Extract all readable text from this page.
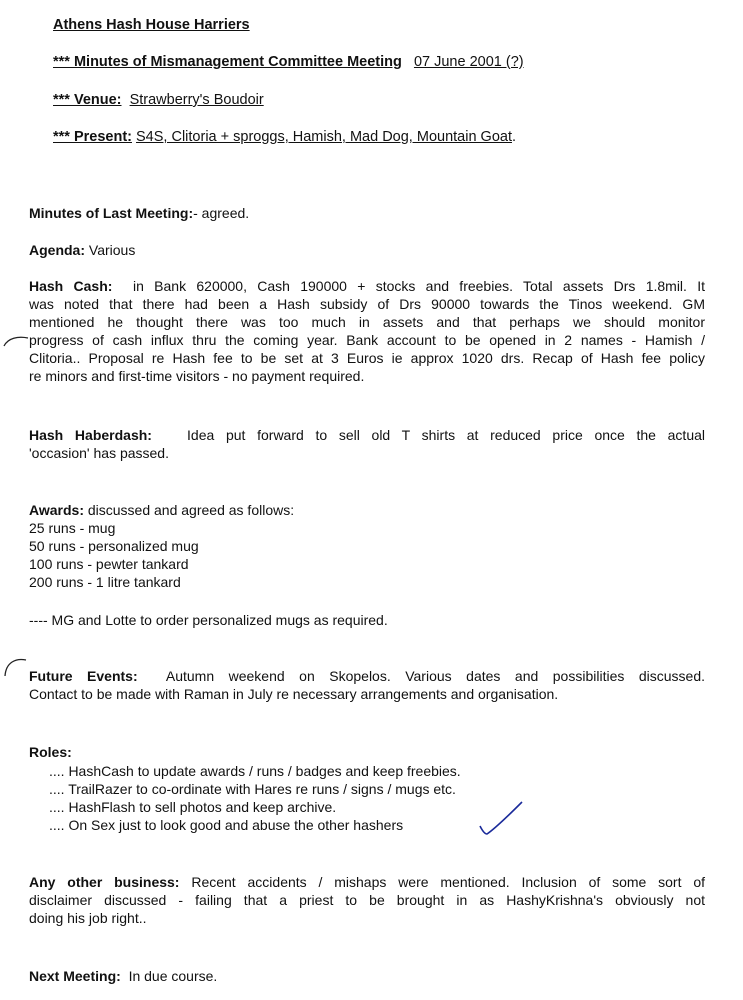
Athens Hash House Harriers
*** Minutes of Mismanagement Committee Meeting 07 June 2001 (?)
*** Venue: Strawberry's Boudoir
*** Present: S4S, Clitoria + sproggs, Hamish, Mad Dog, Mountain Goat.
Minutes of Last Meeting:- agreed.
Agenda: Various
Hash Cash: in Bank 620000, Cash 190000 + stocks and freebies. Total assets Drs 1.8mil. It
was noted that there had been a Hash subsidy of Drs 90000 towards the Tinos weekend. GM
mentioned he thought there was too much in assets and that perhaps we should monitor
progress of cash influx thru the coming year. Bank account to be opened in 2 names - Hamish /
Clitoria.. Proposal re Hash fee to be set at 3 Euros ie approx 1020 drs. Recap of Hash fee policy
re minors and first-time visitors - no payment required.
Hash Haberdash:	Idea put forward to sell old T shirts at reduced price once the actual
'occasion' has passed.
Awards: discussed and agreed as follows:
25 runs - mug
50 runs - personalized mug
100 runs - pewter tankard
200 runs - 1 litre tankard
---- MG and Lotte to order personalized mugs as required.
Future Events: Autumn weekend on Skopelos. Various dates and possibilities discussed.
Contact to be made with Raman in July re necessary arrangements and organisation.
Roles:
.... HashCash to update awards / runs / badges and keep freebies.
.... TrailRazer to co-ordinate with Hares re runs / signs / mugs etc.
.... HashFlash to sell photos and keep archive.
.... On Sex just to look good and abuse the other hashers
Any other business: Recent accidents / mishaps were mentioned. Inclusion of some sort of
disclaimer discussed - failing that a priest to be brought in as HashyKrishna's obviously not
doing his job right..
Next Meeting: In due course.
